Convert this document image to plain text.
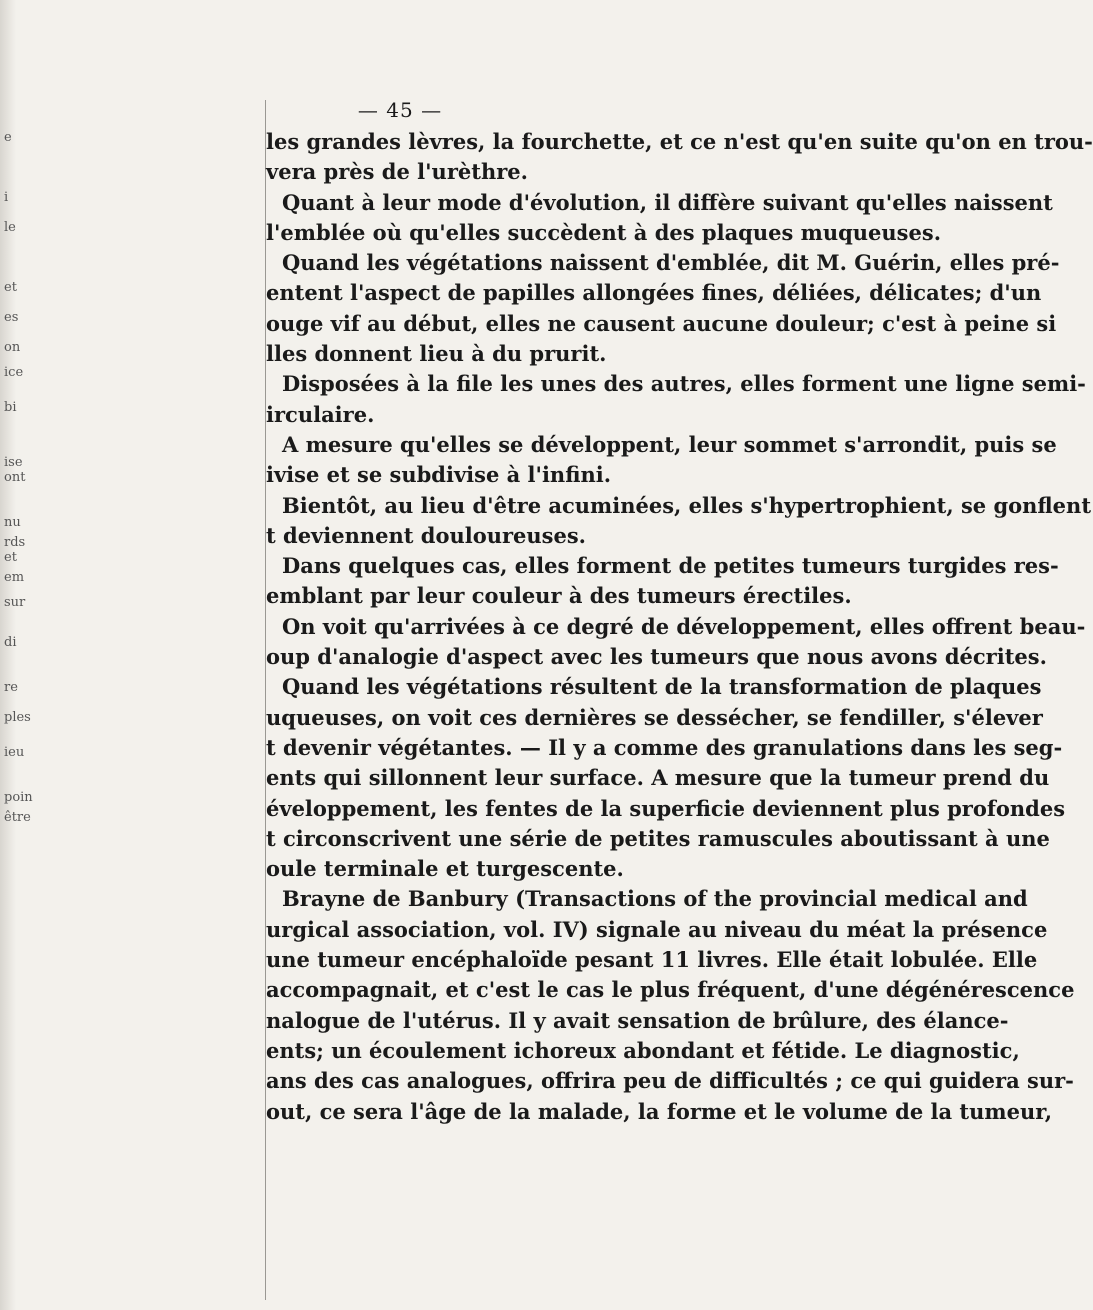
e
i
le
et
es
on
ice
bi
ise
ont
nu
rds
et
em
sur
di
re
ples
ieu
poin
être
— 45 —
les grandes lèvres, la fourchette, et ce n'est qu'en suite qu'on en trou-
vera près de l'urèthre.
Quant à leur mode d'évolution, il diffère suivant qu'elles naissent
l'emblée où qu'elles succèdent à des plaques muqueuses.
Quand les végétations naissent d'emblée, dit M. Guérin, elles pré-
entent l'aspect de papilles allongées fines, déliées, délicates; d'un
ouge vif au début, elles ne causent aucune douleur; c'est à peine si
lles donnent lieu à du prurit.
Disposées à la file les unes des autres, elles forment une ligne semi-
irculaire.
A mesure qu'elles se développent, leur sommet s'arrondit, puis se
ivise et se subdivise à l'infini.
Bientôt, au lieu d'être acuminées, elles s'hypertrophient, se gonflent
t deviennent douloureuses.
Dans quelques cas, elles forment de petites tumeurs turgides res-
emblant par leur couleur à des tumeurs érectiles.
On voit qu'arrivées à ce degré de développement, elles offrent beau-
oup d'analogie d'aspect avec les tumeurs que nous avons décrites.
Quand les végétations résultent de la transformation de plaques
uqueuses, on voit ces dernières se dessécher, se fendiller, s'élever
t devenir végétantes. — Il y a comme des granulations dans les seg-
ents qui sillonnent leur surface. A mesure que la tumeur prend du
éveloppement, les fentes de la superficie deviennent plus profondes
t circonscrivent une série de petites ramuscules aboutissant à une
oule terminale et turgescente.
Brayne de Banbury (Transactions of the provincial medical and
urgical association, vol. IV) signale au niveau du méat la présence
une tumeur encéphaloïde pesant 11 livres. Elle était lobulée. Elle
accompagnait, et c'est le cas le plus fréquent, d'une dégénérescence
nalogue de l'utérus. Il y avait sensation de brûlure, des élance-
ents; un écoulement ichoreux abondant et fétide. Le diagnostic,
ans des cas analogues, offrira peu de difficultés ; ce qui guidera sur-
out, ce sera l'âge de la malade, la forme et le volume de la tumeur,
